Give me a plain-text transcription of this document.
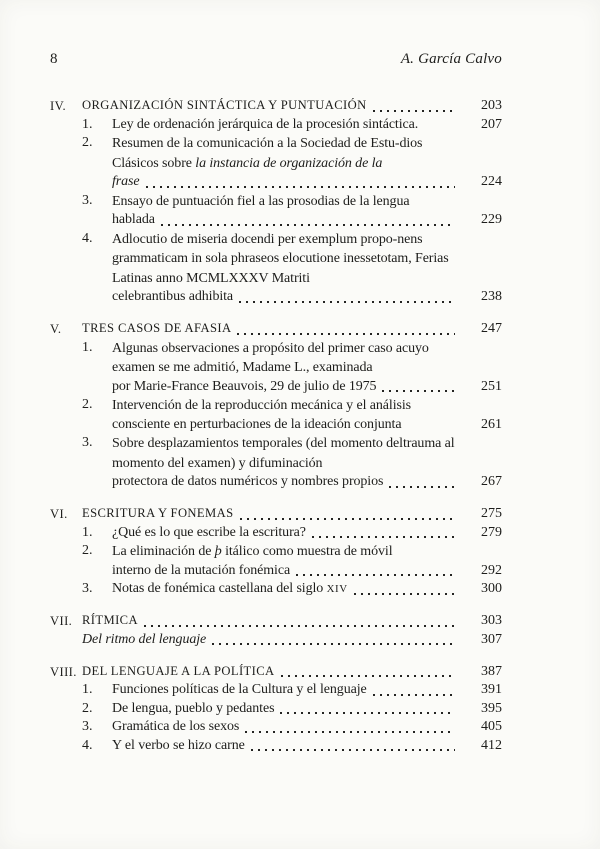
8	A. García Calvo
IV.	ORGANIZACIÓN SINTÁCTICA Y PUNTUACIÓN	203
1.	Ley de ordenación jerárquica de la procesión sintáctica.	207
2.	Resumen de la comunicación a la Sociedad de Estu-dios Clásicos sobre la instancia de organización de la
frase	224
3.	Ensayo de puntuación fiel a las prosodias de la lengua
hablada	229
4.	Adlocutio de miseria docendi per exemplum propo-nens grammaticam in sola phraseos elocutione inessetotam, Ferias Latinas anno MCMLXXXV Matriti
celebrantibus adhibita	238
V.	TRES CASOS DE AFASIA	247
1.	Algunas observaciones a propósito del primer caso acuyo examen se me admitió, Madame L., examinada
por Marie-France Beauvois, 29 de julio de 1975	251
2.	Intervención de la reproducción mecánica y el análisis
consciente en perturbaciones de la ideación conjunta	261
3.	Sobre desplazamientos temporales (del momento deltrauma al momento del examen) y difuminación
protectora de datos numéricos y nombres propios	267
VI.	ESCRITURA Y FONEMAS	275
1.	¿Qué es lo que escribe la escritura?	279
2.	La eliminación de þ itálico como muestra de móvil
interno de la mutación fonémica	292
3.	Notas de fonémica castellana del siglo XIV	300
VII. RÍTMICA	303
Del ritmo del lenguaje	307
VIII. DEL LENGUAJE A LA POLÍTICA	387
1.	Funciones políticas de la Cultura y el lenguaje	391
2.	De lengua, pueblo y pedantes	395
3.	Gramática de los sexos	405
4.	Y el verbo se hizo carne	412
